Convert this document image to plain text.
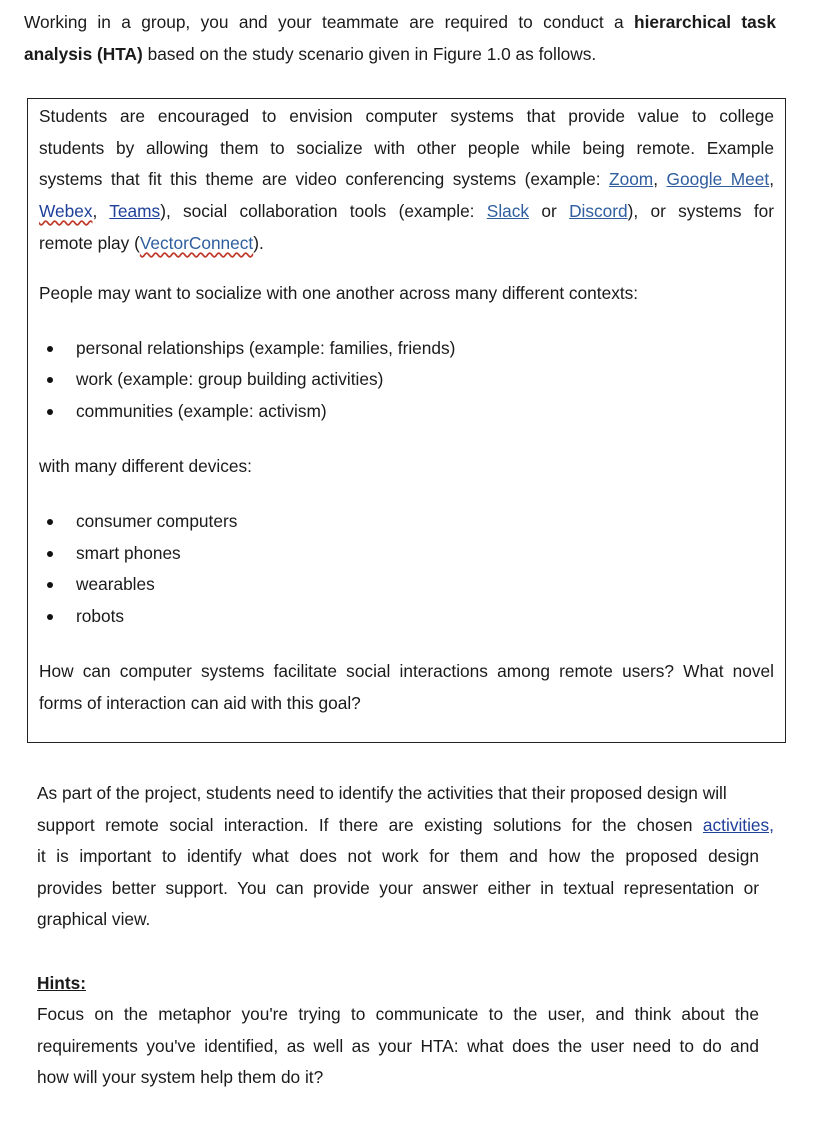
Working in a group, you and your teammate are required to conduct a hierarchical task
analysis (HTA) based on the study scenario given in Figure 1.0 as follows.
Students are encouraged to envision computer systems that provide value to college
students by allowing them to socialize with other people while being remote. Example
systems that fit this theme are video conferencing systems (example: Zoom, Google Meet,
Webex, Teams), social collaboration tools (example: Slack or Discord), or systems for
remote play (VectorConnect).
People may want to socialize with one another across many different contexts:
personal relationships (example: families, friends)
work (example: group building activities)
communities (example: activism)
with many different devices:
consumer computers
smart phones
wearables
robots
How can computer systems facilitate social interactions among remote users? What novel
forms of interaction can aid with this goal?
As part of the project, students need to identify the activities that their proposed design will
support remote social interaction. If there are existing solutions for the chosen activities,
it is important to identify what does not work for them and how the proposed design
provides better support. You can provide your answer either in textual representation or
graphical view.
Hints:
Focus on the metaphor you're trying to communicate to the user, and think about the
requirements you've identified, as well as your HTA: what does the user need to do and
how will your system help them do it?
